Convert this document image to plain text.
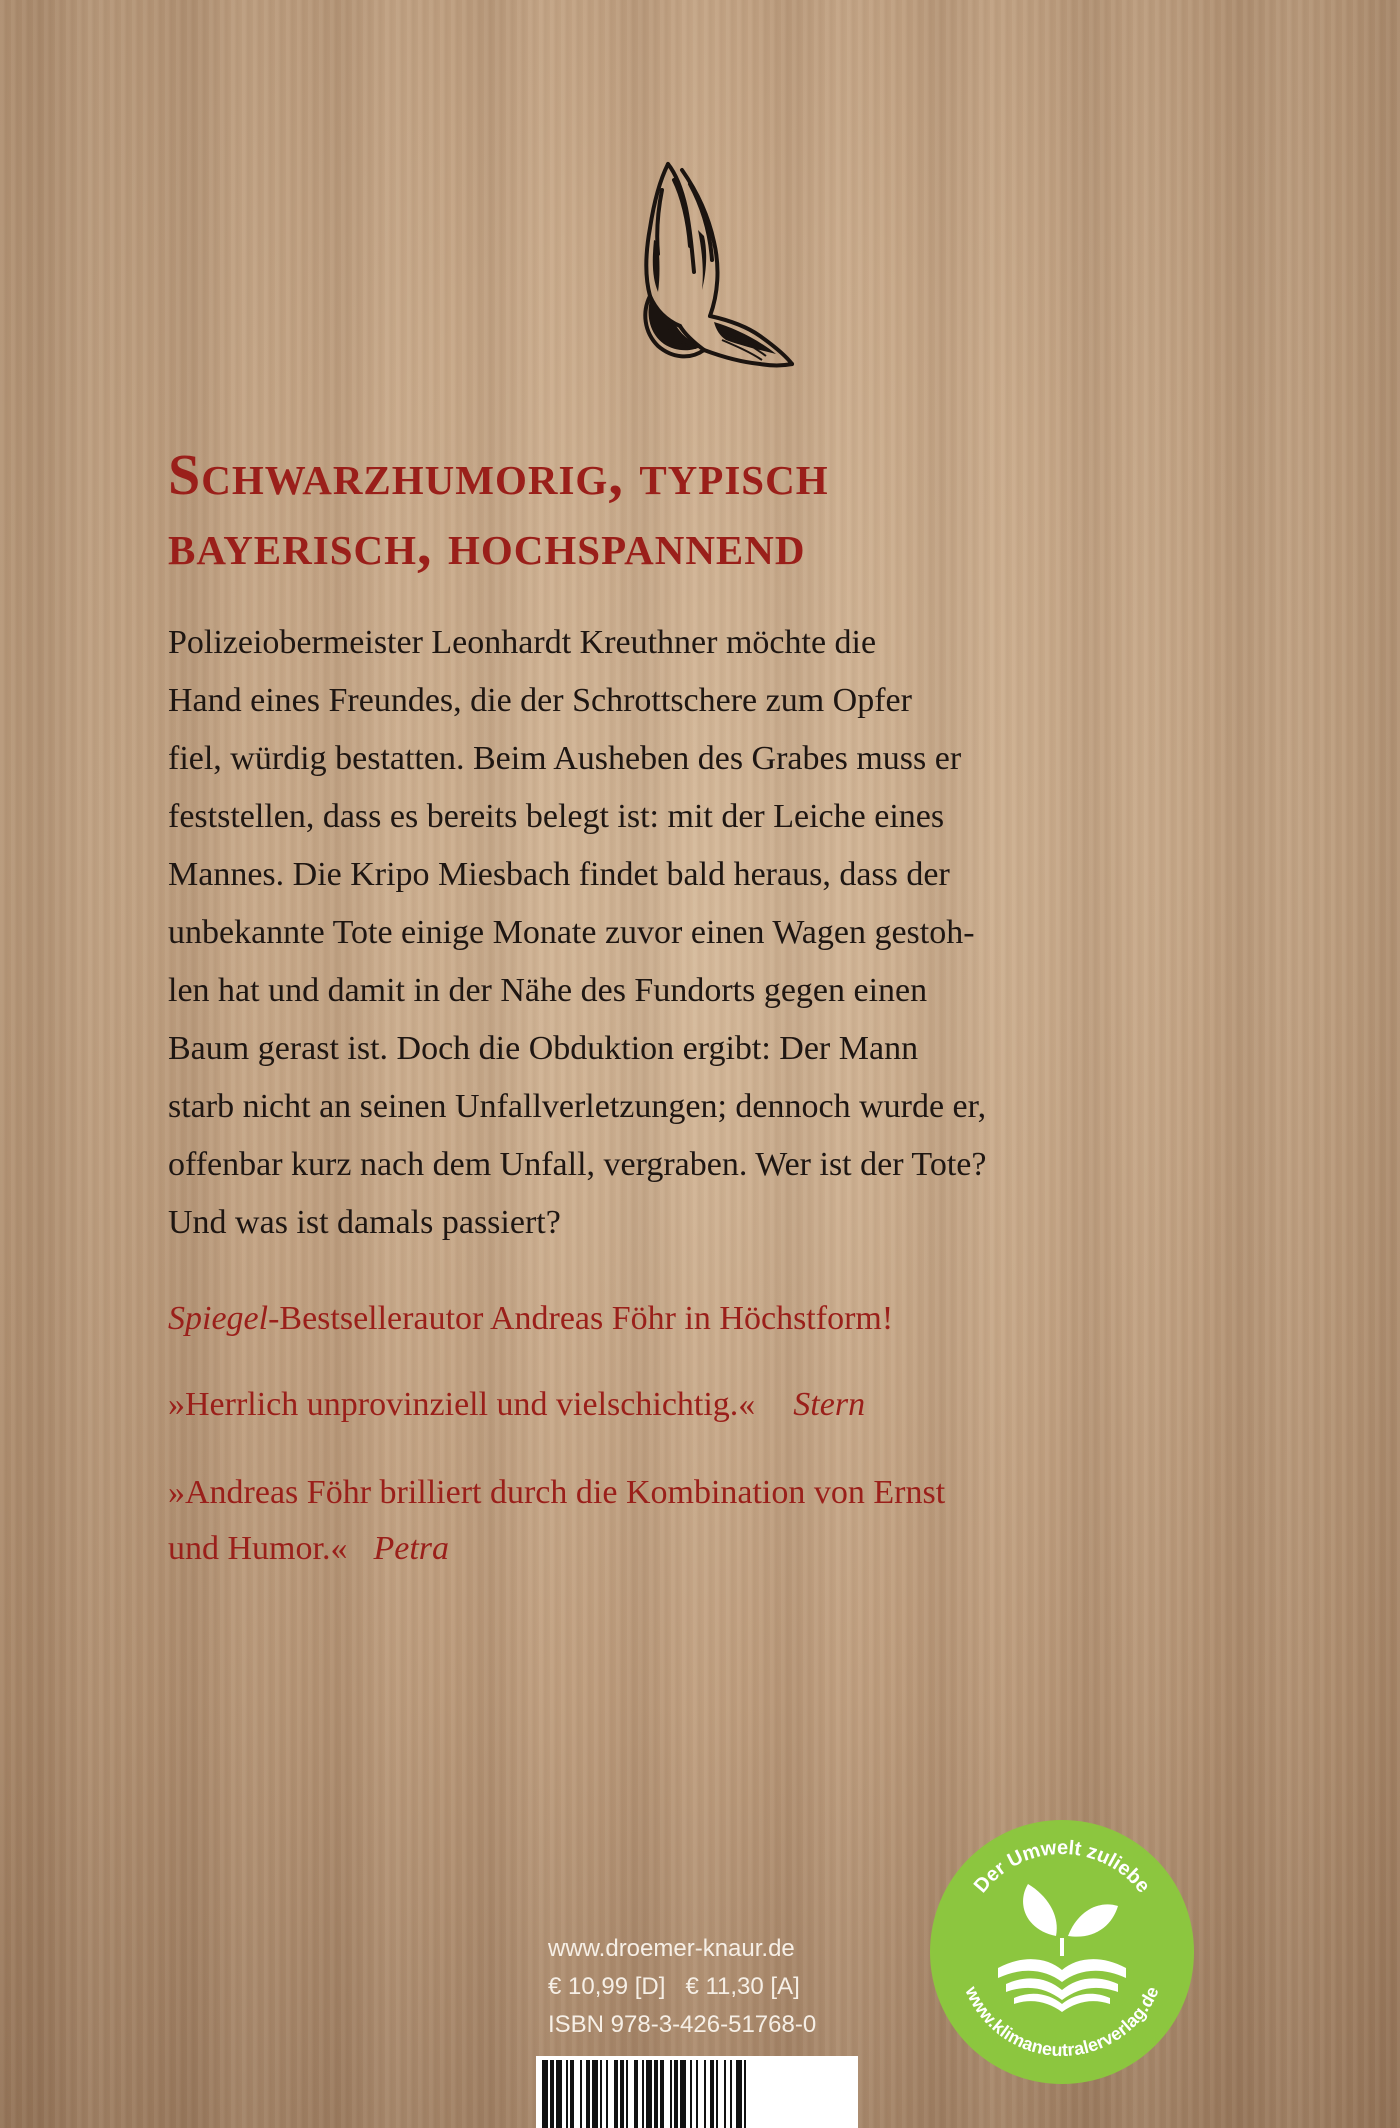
Schwarzhumorig, typisch
bayerisch, hochspannend
Polizeiobermeister Leonhardt Kreuthner möchte die
Hand eines Freundes, die der Schrottschere zum Opfer
fiel, würdig bestatten. Beim Ausheben des Grabes muss er
feststellen, dass es bereits belegt ist: mit der Leiche eines
Mannes. Die Kripo Miesbach findet bald heraus, dass der
unbekannte Tote einige Monate zuvor einen Wagen gestoh-
len hat und damit in der Nähe des Fundorts gegen einen
Baum gerast ist. Doch die Obduktion ergibt: Der Mann
starb nicht an seinen Unfallverletzungen; dennoch wurde er,
offenbar kurz nach dem Unfall, vergraben. Wer ist der Tote?
Und was ist damals passiert?
Spiegel-Bestsellerautor Andreas Föhr in Höchstform!
»Herrlich unprovinziell und vielschichtig.« Stern
»Andreas Föhr brilliert durch die Kombination von Ernst
und Humor.« Petra
www.droemer-knaur.de
€ 10,99 [D] € 11,30 [A]
ISBN 978-3-426-51768-0
Der Umwelt zuliebe
www.klimaneutralerverlag.de
